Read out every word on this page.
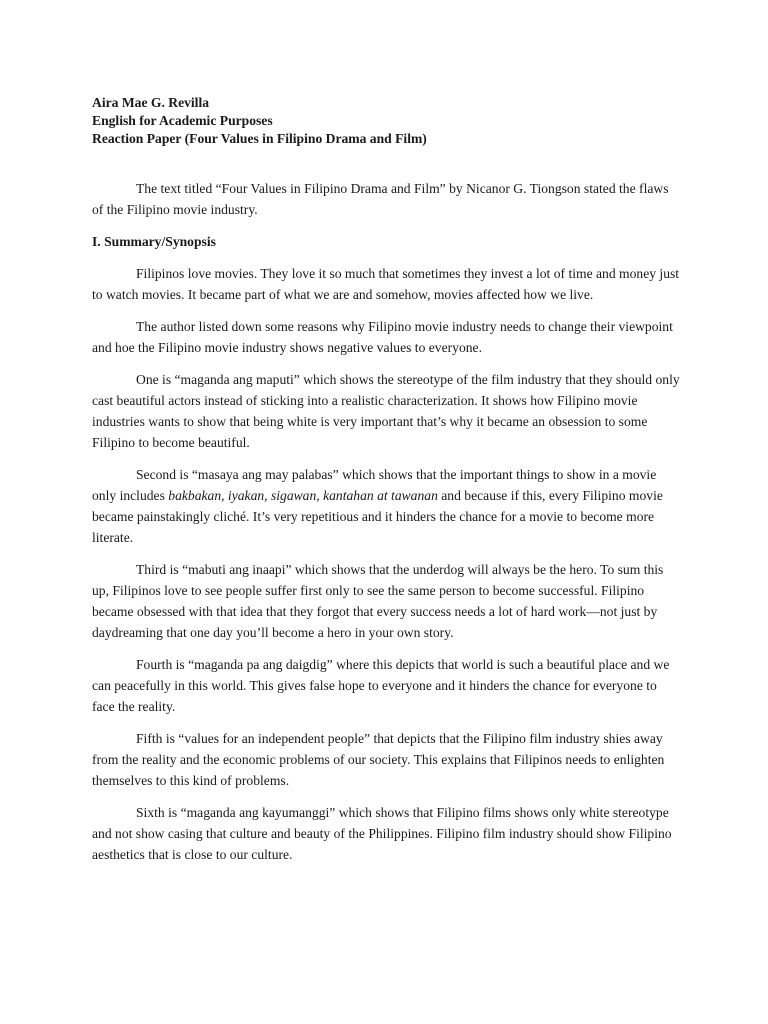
Aira Mae G. Revilla

English for Academic Purposes

Reaction Paper (Four Values in Filipino Drama and Film)

The text titled “Four Values in Filipino Drama and Film” by Nicanor G. Tiongson stated the flaws of the Filipino movie industry.

I. Summary/Synopsis

Filipinos love movies. They love it so much that sometimes they invest a lot of time and money just to watch movies. It became part of what we are and somehow, movies affected how we live.

The author listed down some reasons why Filipino movie industry needs to change their viewpoint and hoe the Filipino movie industry shows negative values to everyone.

One is “maganda ang maputi” which shows the stereotype of the film industry that they should only cast beautiful actors instead of sticking into a realistic characterization. It shows how Filipino movie industries wants to show that being white is very important that’s why it became an obsession to some Filipino to become beautiful.

Second is “masaya ang may palabas” which shows that the important things to show in a movie only includes bakbakan, iyakan, sigawan, kantahan at tawanan and because if this, every Filipino movie became painstakingly cliché. It’s very repetitious and it hinders the chance for a movie to become more literate.

Third is “mabuti ang inaapi” which shows that the underdog will always be the hero. To sum this up, Filipinos love to see people suffer first only to see the same person to become successful. Filipino became obsessed with that idea that they forgot that every success needs a lot of hard work—not just by daydreaming that one day you’ll become a hero in your own story.

Fourth is “maganda pa ang daigdig” where this depicts that world is such a beautiful place and we can peacefully in this world. This gives false hope to everyone and it hinders the chance for everyone to face the reality.

Fifth is “values for an independent people” that depicts that the Filipino film industry shies away from the reality and the economic problems of our society. This explains that Filipinos needs to enlighten themselves to this kind of problems.

Sixth is “maganda ang kayumanggi” which shows that Filipino films shows only white stereotype and not show casing that culture and beauty of the Philippines. Filipino film industry should show Filipino aesthetics that is close to our culture.
